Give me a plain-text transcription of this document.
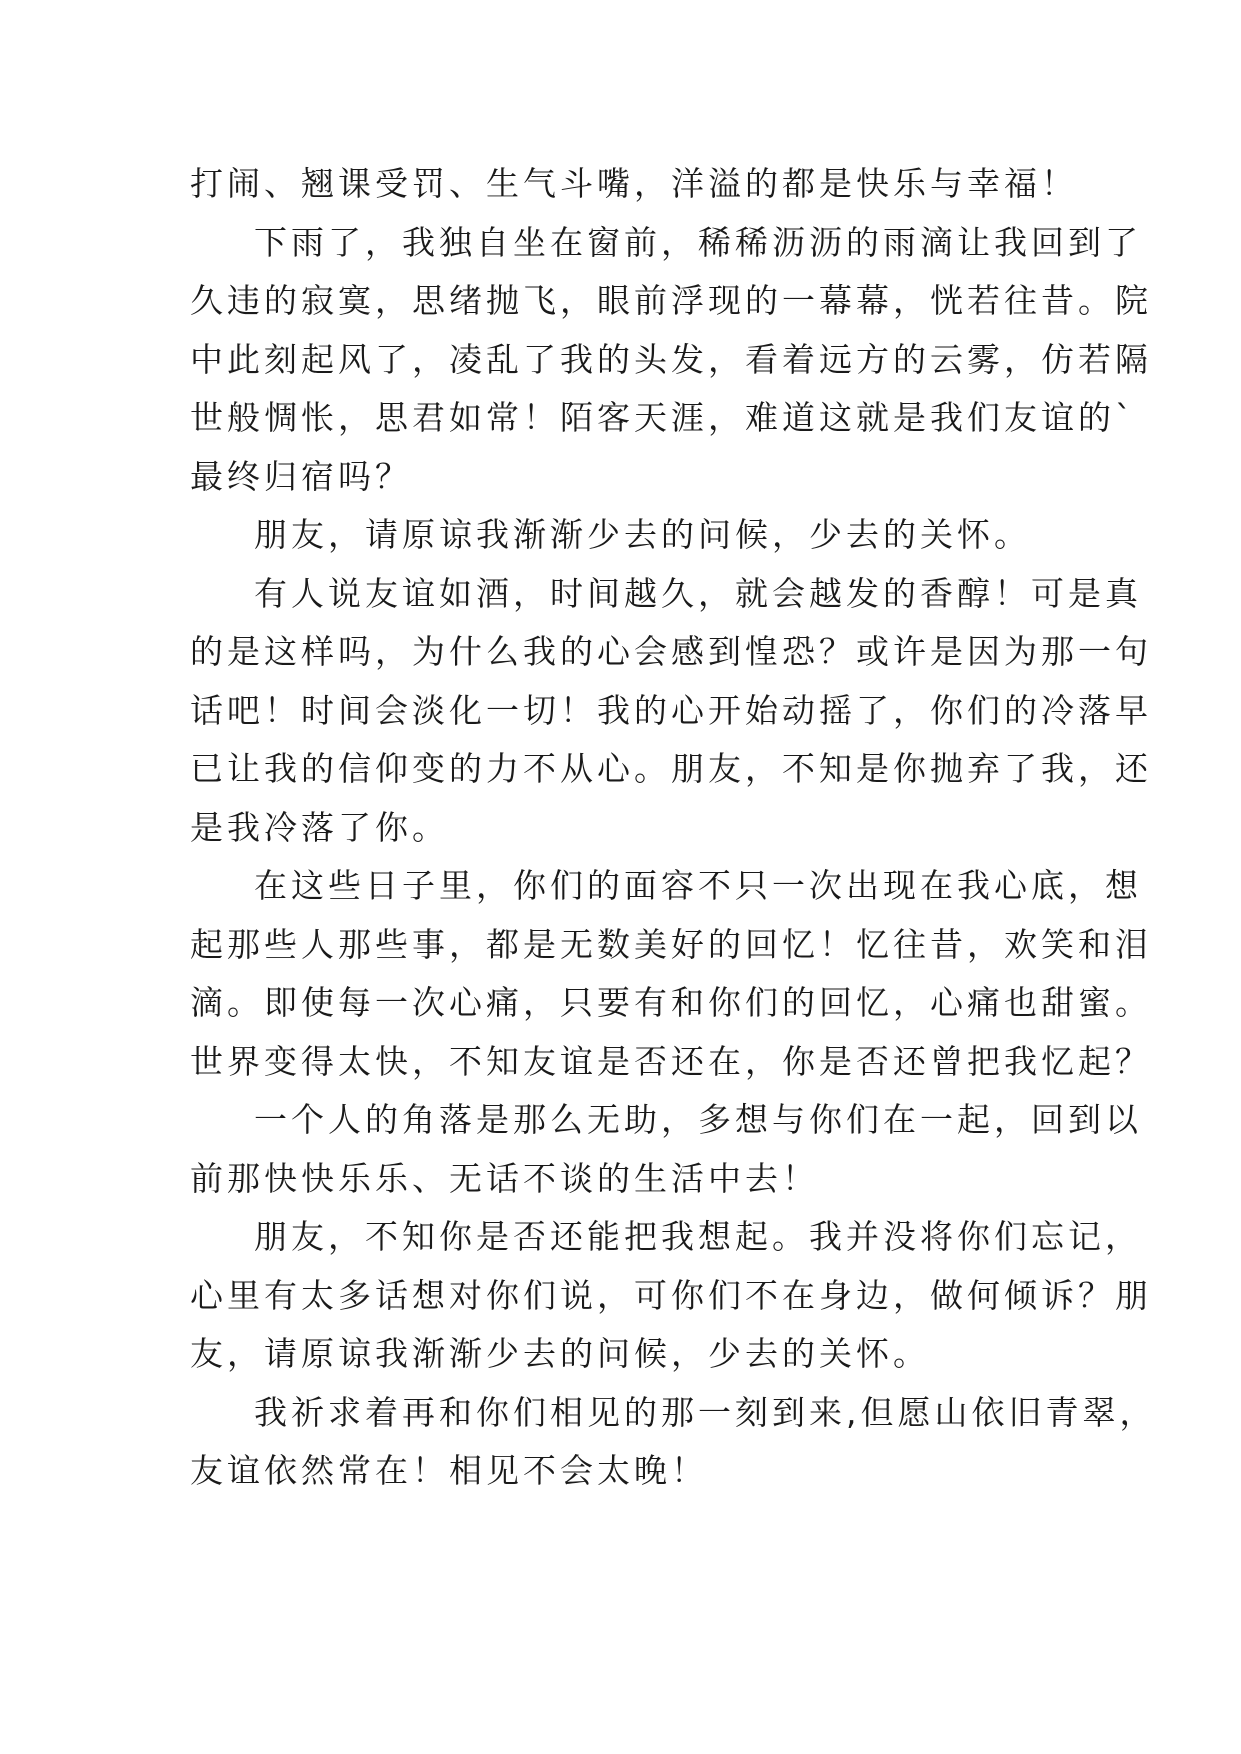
打闹、翘课受罚、生气斗嘴，洋溢的都是快乐与幸福！
下雨了，我独自坐在窗前，稀稀沥沥的雨滴让我回到了
久违的寂寞，思绪抛飞，眼前浮现的一幕幕，恍若往昔。院
中此刻起风了，凌乱了我的头发，看着远方的云雾，仿若隔
世般惆怅，思君如常！陌客天涯，难道这就是我们友谊的`
最终归宿吗？
朋友，请原谅我渐渐少去的问候，少去的关怀。
有人说友谊如酒，时间越久，就会越发的香醇！可是真
的是这样吗，为什么我的心会感到惶恐？或许是因为那一句
话吧！时间会淡化一切！我的心开始动摇了，你们的冷落早
已让我的信仰变的力不从心。朋友，不知是你抛弃了我，还
是我冷落了你。
在这些日子里，你们的面容不只一次出现在我心底，想
起那些人那些事，都是无数美好的回忆！忆往昔，欢笑和泪
滴。即使每一次心痛，只要有和你们的回忆，心痛也甜蜜。
世界变得太快，不知友谊是否还在，你是否还曾把我忆起？
一个人的角落是那么无助，多想与你们在一起，回到以
前那快快乐乐、无话不谈的生活中去！
朋友，不知你是否还能把我想起。我并没将你们忘记，
心里有太多话想对你们说，可你们不在身边，做何倾诉？朋
友，请原谅我渐渐少去的问候，少去的关怀。
我祈求着再和你们相见的那一刻到来,但愿山依旧青翠，
友谊依然常在！相见不会太晚！
